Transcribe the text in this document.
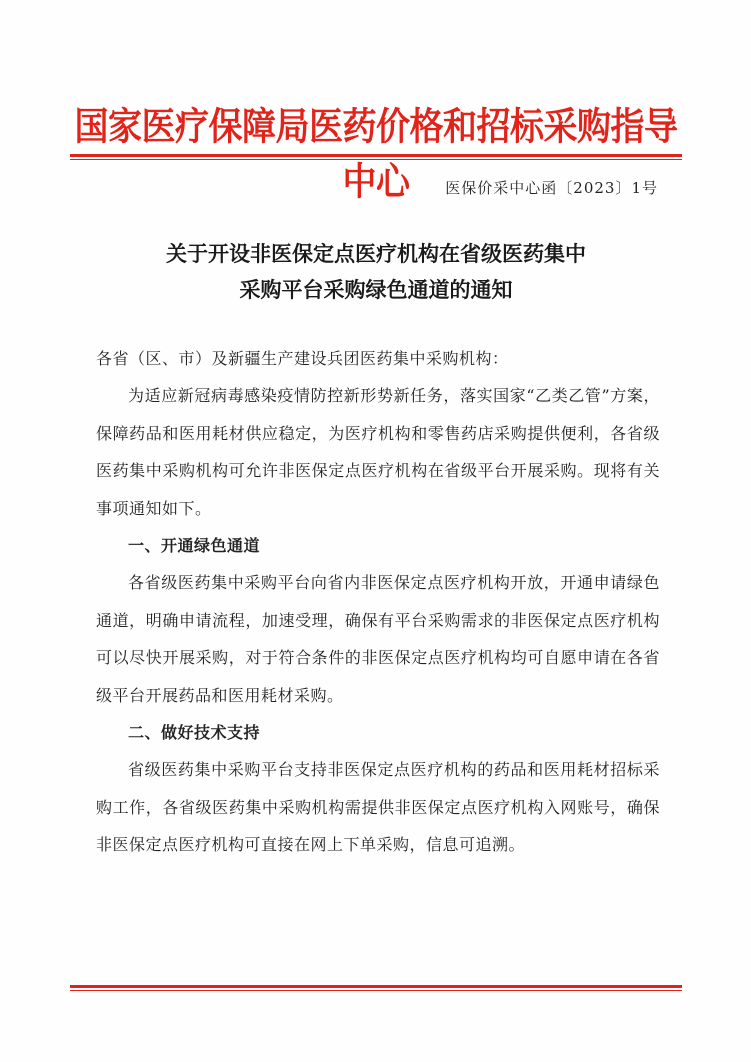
国家医疗保障局医药价格和招标采购指导中心	医保价采中心函〔2023〕1号
关于开设非医保定点医疗机构在省级医药集中
采购平台采购绿色通道的通知

各省（区、市）及新疆生产建设兵团医药集中采购机构：

为适应新冠病毒感染疫情防控新形势新任务，落实国家“乙类乙管”方案，保障药品和医用耗材供应稳定，为医疗机构和零售药店采购提供便利，各省级医药集中采购机构可允许非医保定点医疗机构在省级平台开展采购。现将有关事项通知如下。

一、开通绿色通道

各省级医药集中采购平台向省内非医保定点医疗机构开放，开通申请绿色通道，明确申请流程，加速受理，确保有平台采购需求的非医保定点医疗机构可以尽快开展采购，对于符合条件的非医保定点医疗机构均可自愿申请在各省级平台开展药品和医用耗材采购。

二、做好技术支持

省级医药集中采购平台支持非医保定点医疗机构的药品和医用耗材招标采购工作，各省级医药集中采购机构需提供非医保定点医疗机构入网账号，确保非医保定点医疗机构可直接在网上下单采购，信息可追溯。
